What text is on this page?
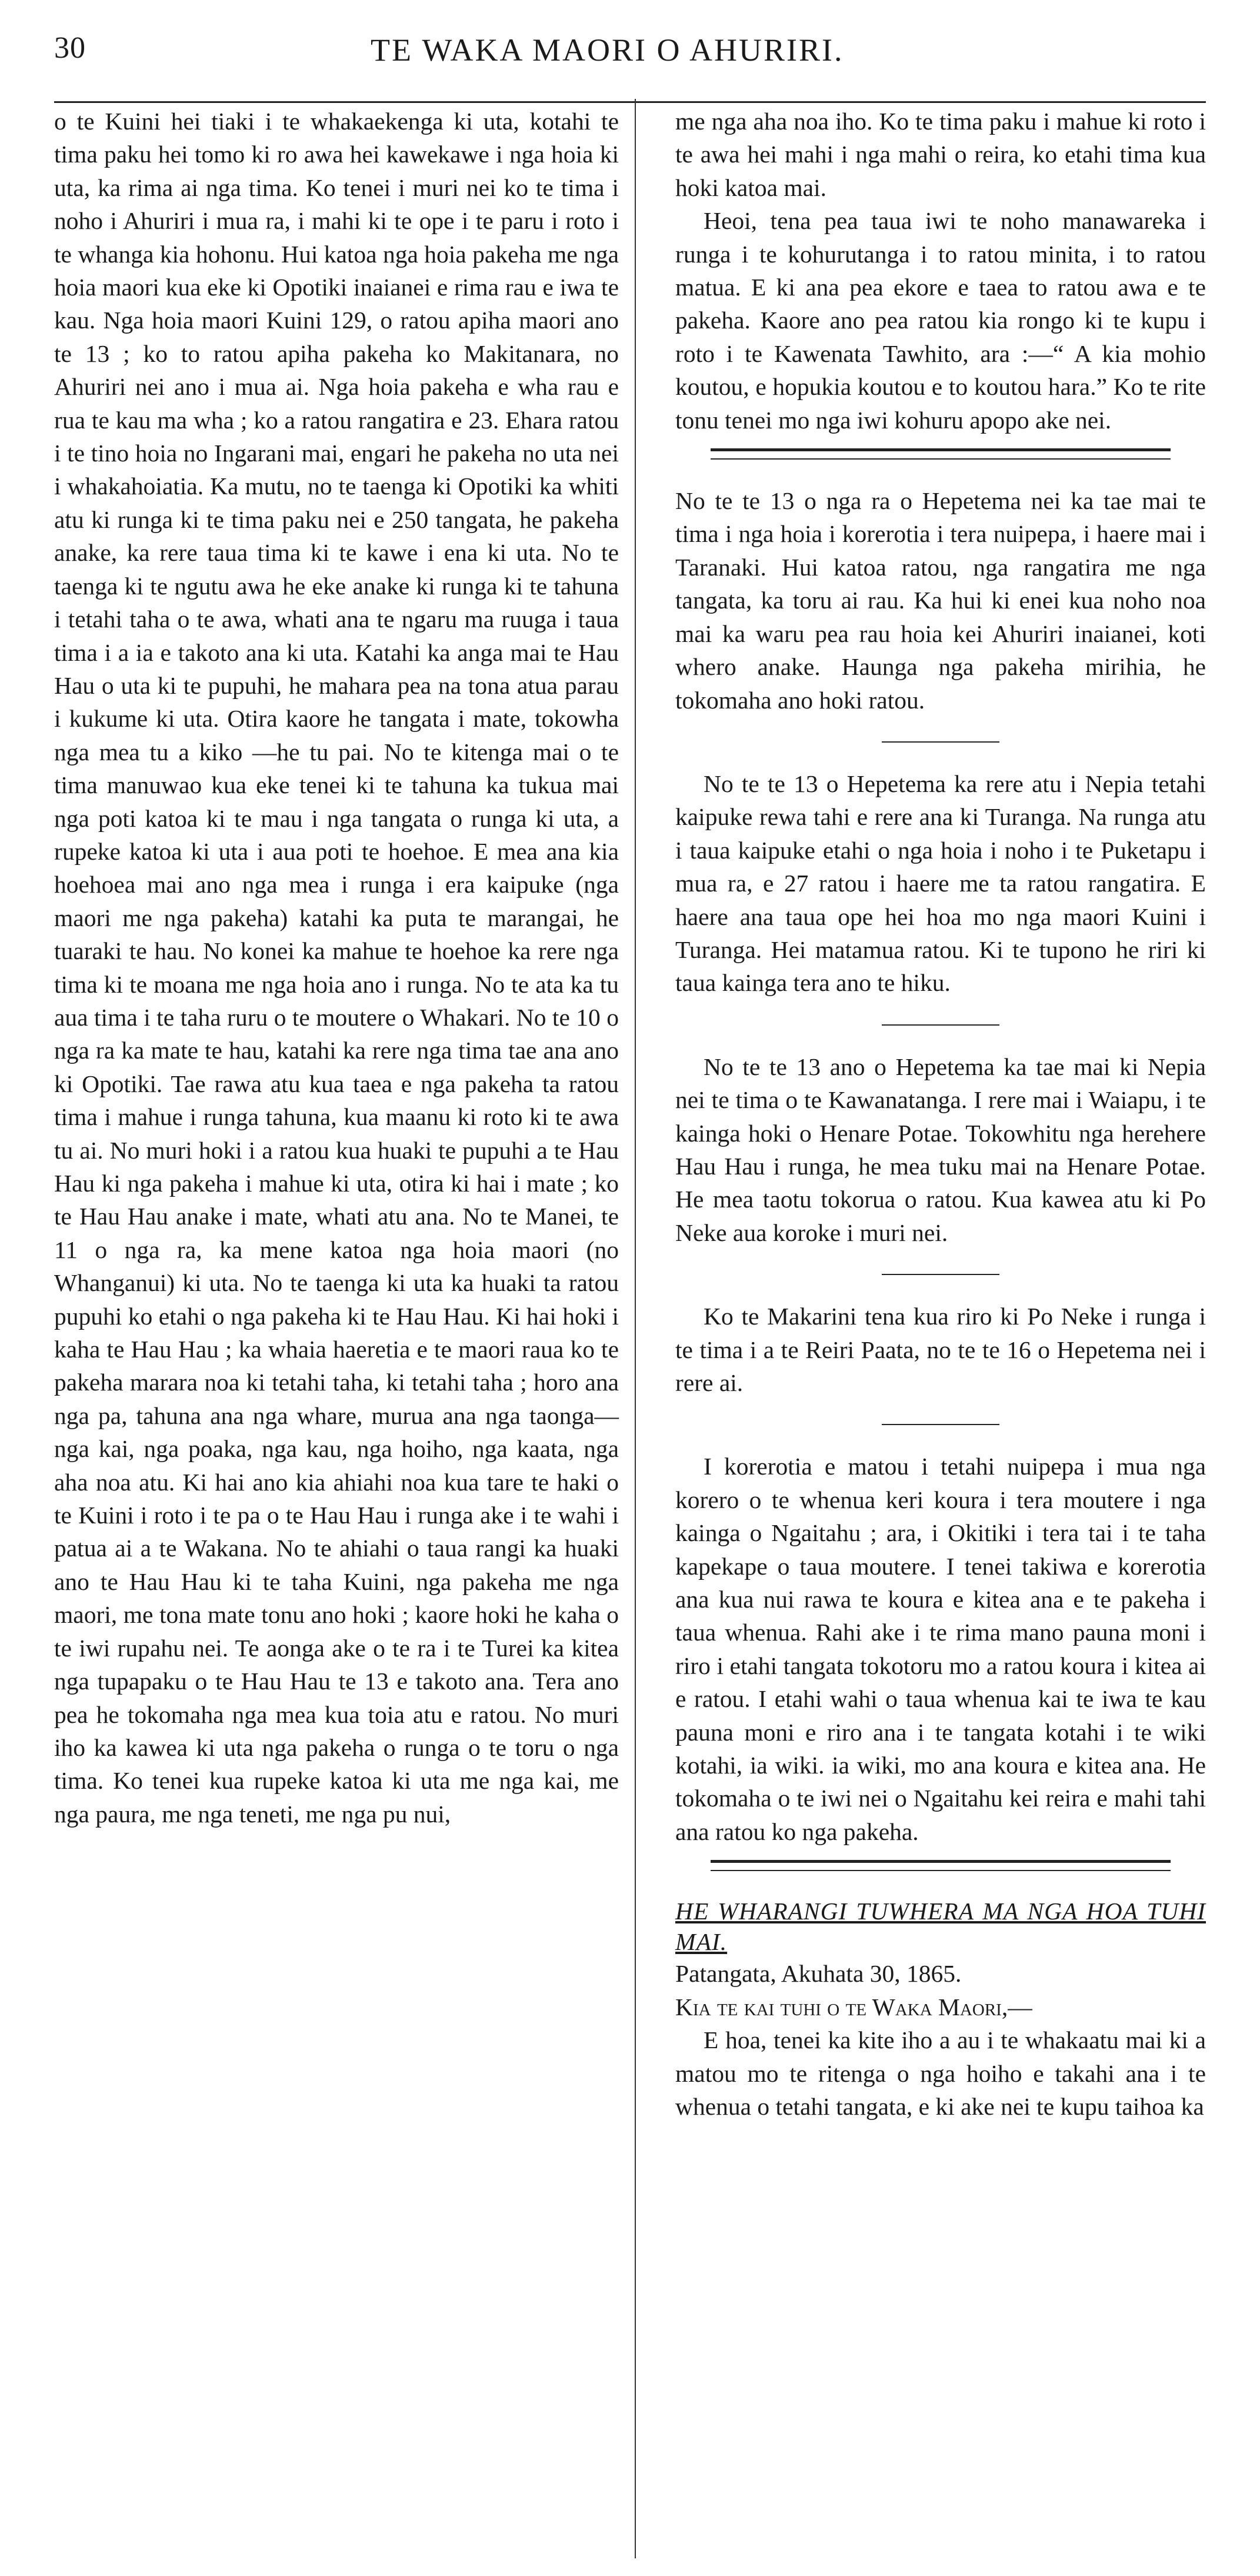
30	TE WAKA MAORI O AHURIRI.

o te Kuini hei tiaki i te whakaekenga ki uta, kotahi te tima paku hei tomo ki ro awa hei kawekawe i nga hoia ki uta, ka rima ai nga tima. Ko tenei i muri nei ko te tima i noho i Ahuriri i mua ra, i mahi ki te ope i te paru i roto i te whanga kia hohonu. Hui katoa nga hoia pakeha me nga hoia maori kua eke ki Opotiki inaianei e rima rau e iwa te kau. Nga hoia maori Kuini 129, o ratou apiha maori ano te 13 ; ko to ratou apiha pakeha ko Makitanara, no Ahuriri nei ano i mua ai. Nga hoia pakeha e wha rau e rua te kau ma wha ; ko a ratou rangatira e 23. Ehara ratou i te tino hoia no Ingarani mai, engari he pakeha no uta nei i whakahoiatia. Ka mutu, no te taenga ki Opotiki ka whiti atu ki runga ki te tima paku nei e 250 tangata, he pakeha anake, ka rere taua tima ki te kawe i ena ki uta. No te taenga ki te ngutu awa he eke anake ki runga ki te tahuna i tetahi taha o te awa, whati ana te ngaru ma ruuga i taua tima i a ia e takoto ana ki uta. Katahi ka anga mai te Hau Hau o uta ki te pupuhi, he mahara pea na tona atua parau i kukume ki uta. Otira kaore he tangata i mate, tokowha nga mea tu a kiko —he tu pai. No te kitenga mai o te tima manuwao kua eke tenei ki te tahuna ka tukua mai nga poti katoa ki te mau i nga tangata o runga ki uta, a rupeke katoa ki uta i aua poti te hoehoe. E mea ana kia hoehoea mai ano nga mea i runga i era kaipuke (nga maori me nga pakeha) katahi ka puta te marangai, he tuaraki te hau. No konei ka mahue te hoehoe ka rere nga tima ki te moana me nga hoia ano i runga. No te ata ka tu aua tima i te taha ruru o te moutere o Whakari. No te 10 o nga ra ka mate te hau, katahi ka rere nga tima tae ana ano ki Opotiki. Tae rawa atu kua taea e nga pakeha ta ratou tima i mahue i runga tahuna, kua maanu ki roto ki te awa tu ai. No muri hoki i a ratou kua huaki te pupuhi a te Hau Hau ki nga pakeha i mahue ki uta, otira ki hai i mate ; ko te Hau Hau anake i mate, whati atu ana. No te Manei, te 11 o nga ra, ka mene katoa nga hoia maori (no Whanganui) ki uta. No te taenga ki uta ka huaki ta ratou pupuhi ko etahi o nga pakeha ki te Hau Hau. Ki hai hoki i kaha te Hau Hau ; ka whaia haeretia e te maori raua ko te pakeha marara noa ki tetahi taha, ki tetahi taha ; horo ana nga pa, tahuna ana nga whare, murua ana nga taonga—nga kai, nga poaka, nga kau, nga hoiho, nga kaata, nga aha noa atu. Ki hai ano kia ahiahi noa kua tare te haki o te Kuini i roto i te pa o te Hau Hau i runga ake i te wahi i patua ai a te Wakana. No te ahiahi o taua rangi ka huaki ano te Hau Hau ki te taha Kuini, nga pakeha me nga maori, me tona mate tonu ano hoki ; kaore hoki he kaha o te iwi rupahu nei. Te aonga ake o te ra i te Turei ka kitea nga tupapaku o te Hau Hau te 13 e takoto ana. Tera ano pea he tokomaha nga mea kua toia atu e ratou. No muri iho ka kawea ki uta nga pakeha o runga o te toru o nga tima. Ko tenei kua rupeke katoa ki uta me nga kai, me nga paura, me nga teneti, me nga pu nui,

me nga aha noa iho. Ko te tima paku i mahue ki roto i te awa hei mahi i nga mahi o reira, ko etahi tima kua hoki katoa mai.

Heoi, tena pea taua iwi te noho manawareka i runga i te kohurutanga i to ratou minita, i to ratou matua. E ki ana pea ekore e taea to ratou awa e te pakeha. Kaore ano pea ratou kia rongo ki te kupu i roto i te Kawenata Tawhito, ara :—“ A kia mohio koutou, e hopukia koutou e to koutou hara.” Ko te rite tonu tenei mo nga iwi kohuru apopo ake nei.

No te te 13 o nga ra o Hepetema nei ka tae mai te tima i nga hoia i korerotia i tera nuipepa, i haere mai i Taranaki. Hui katoa ratou, nga rangatira me nga tangata, ka toru ai rau. Ka hui ki enei kua noho noa mai ka waru pea rau hoia kei Ahuriri inaianei, koti whero anake. Haunga nga pakeha mirihia, he tokomaha ano hoki ratou.

No te te 13 o Hepetema ka rere atu i Nepia tetahi kaipuke rewa tahi e rere ana ki Turanga. Na runga atu i taua kaipuke etahi o nga hoia i noho i te Puketapu i mua ra, e 27 ratou i haere me ta ratou rangatira. E haere ana taua ope hei hoa mo nga maori Kuini i Turanga. Hei matamua ratou. Ki te tupono he riri ki taua kainga tera ano te hiku.

No te te 13 ano o Hepetema ka tae mai ki Nepia nei te tima o te Kawanatanga. I rere mai i Waiapu, i te kainga hoki o Henare Potae. Tokowhitu nga herehere Hau Hau i runga, he mea tuku mai na Henare Potae. He mea taotu tokorua o ratou. Kua kawea atu ki Po Neke aua koroke i muri nei.

Ko te Makarini tena kua riro ki Po Neke i runga i te tima i a te Reiri Paata, no te te 16 o Hepetema nei i rere ai.

I korerotia e matou i tetahi nuipepa i mua nga korero o te whenua keri koura i tera moutere i nga kainga o Ngaitahu ; ara, i Okitiki i tera tai i te taha kapekape o taua moutere. I tenei takiwa e korerotia ana kua nui rawa te koura e kitea ana e te pakeha i taua whenua. Rahi ake i te rima mano pauna moni i riro i etahi tangata tokotoru mo a ratou koura i kitea ai e ratou. I etahi wahi o taua whenua kai te iwa te kau pauna moni e riro ana i te tangata kotahi i te wiki kotahi, ia wiki. ia wiki, mo ana koura e kitea ana. He tokomaha o te iwi nei o Ngaitahu kei reira e mahi tahi ana ratou ko nga pakeha.

HE WHARANGI TUWHERA MA NGA HOA TUHI MAI.

Patangata, Akuhata 30, 1865.

Kia te kai tuhi o te Waka Maori,—

E hoa, tenei ka kite iho a au i te whakaatu mai ki a matou mo te ritenga o nga hoiho e takahi ana i te whenua o tetahi tangata, e ki ake nei te kupu taihoa ka
